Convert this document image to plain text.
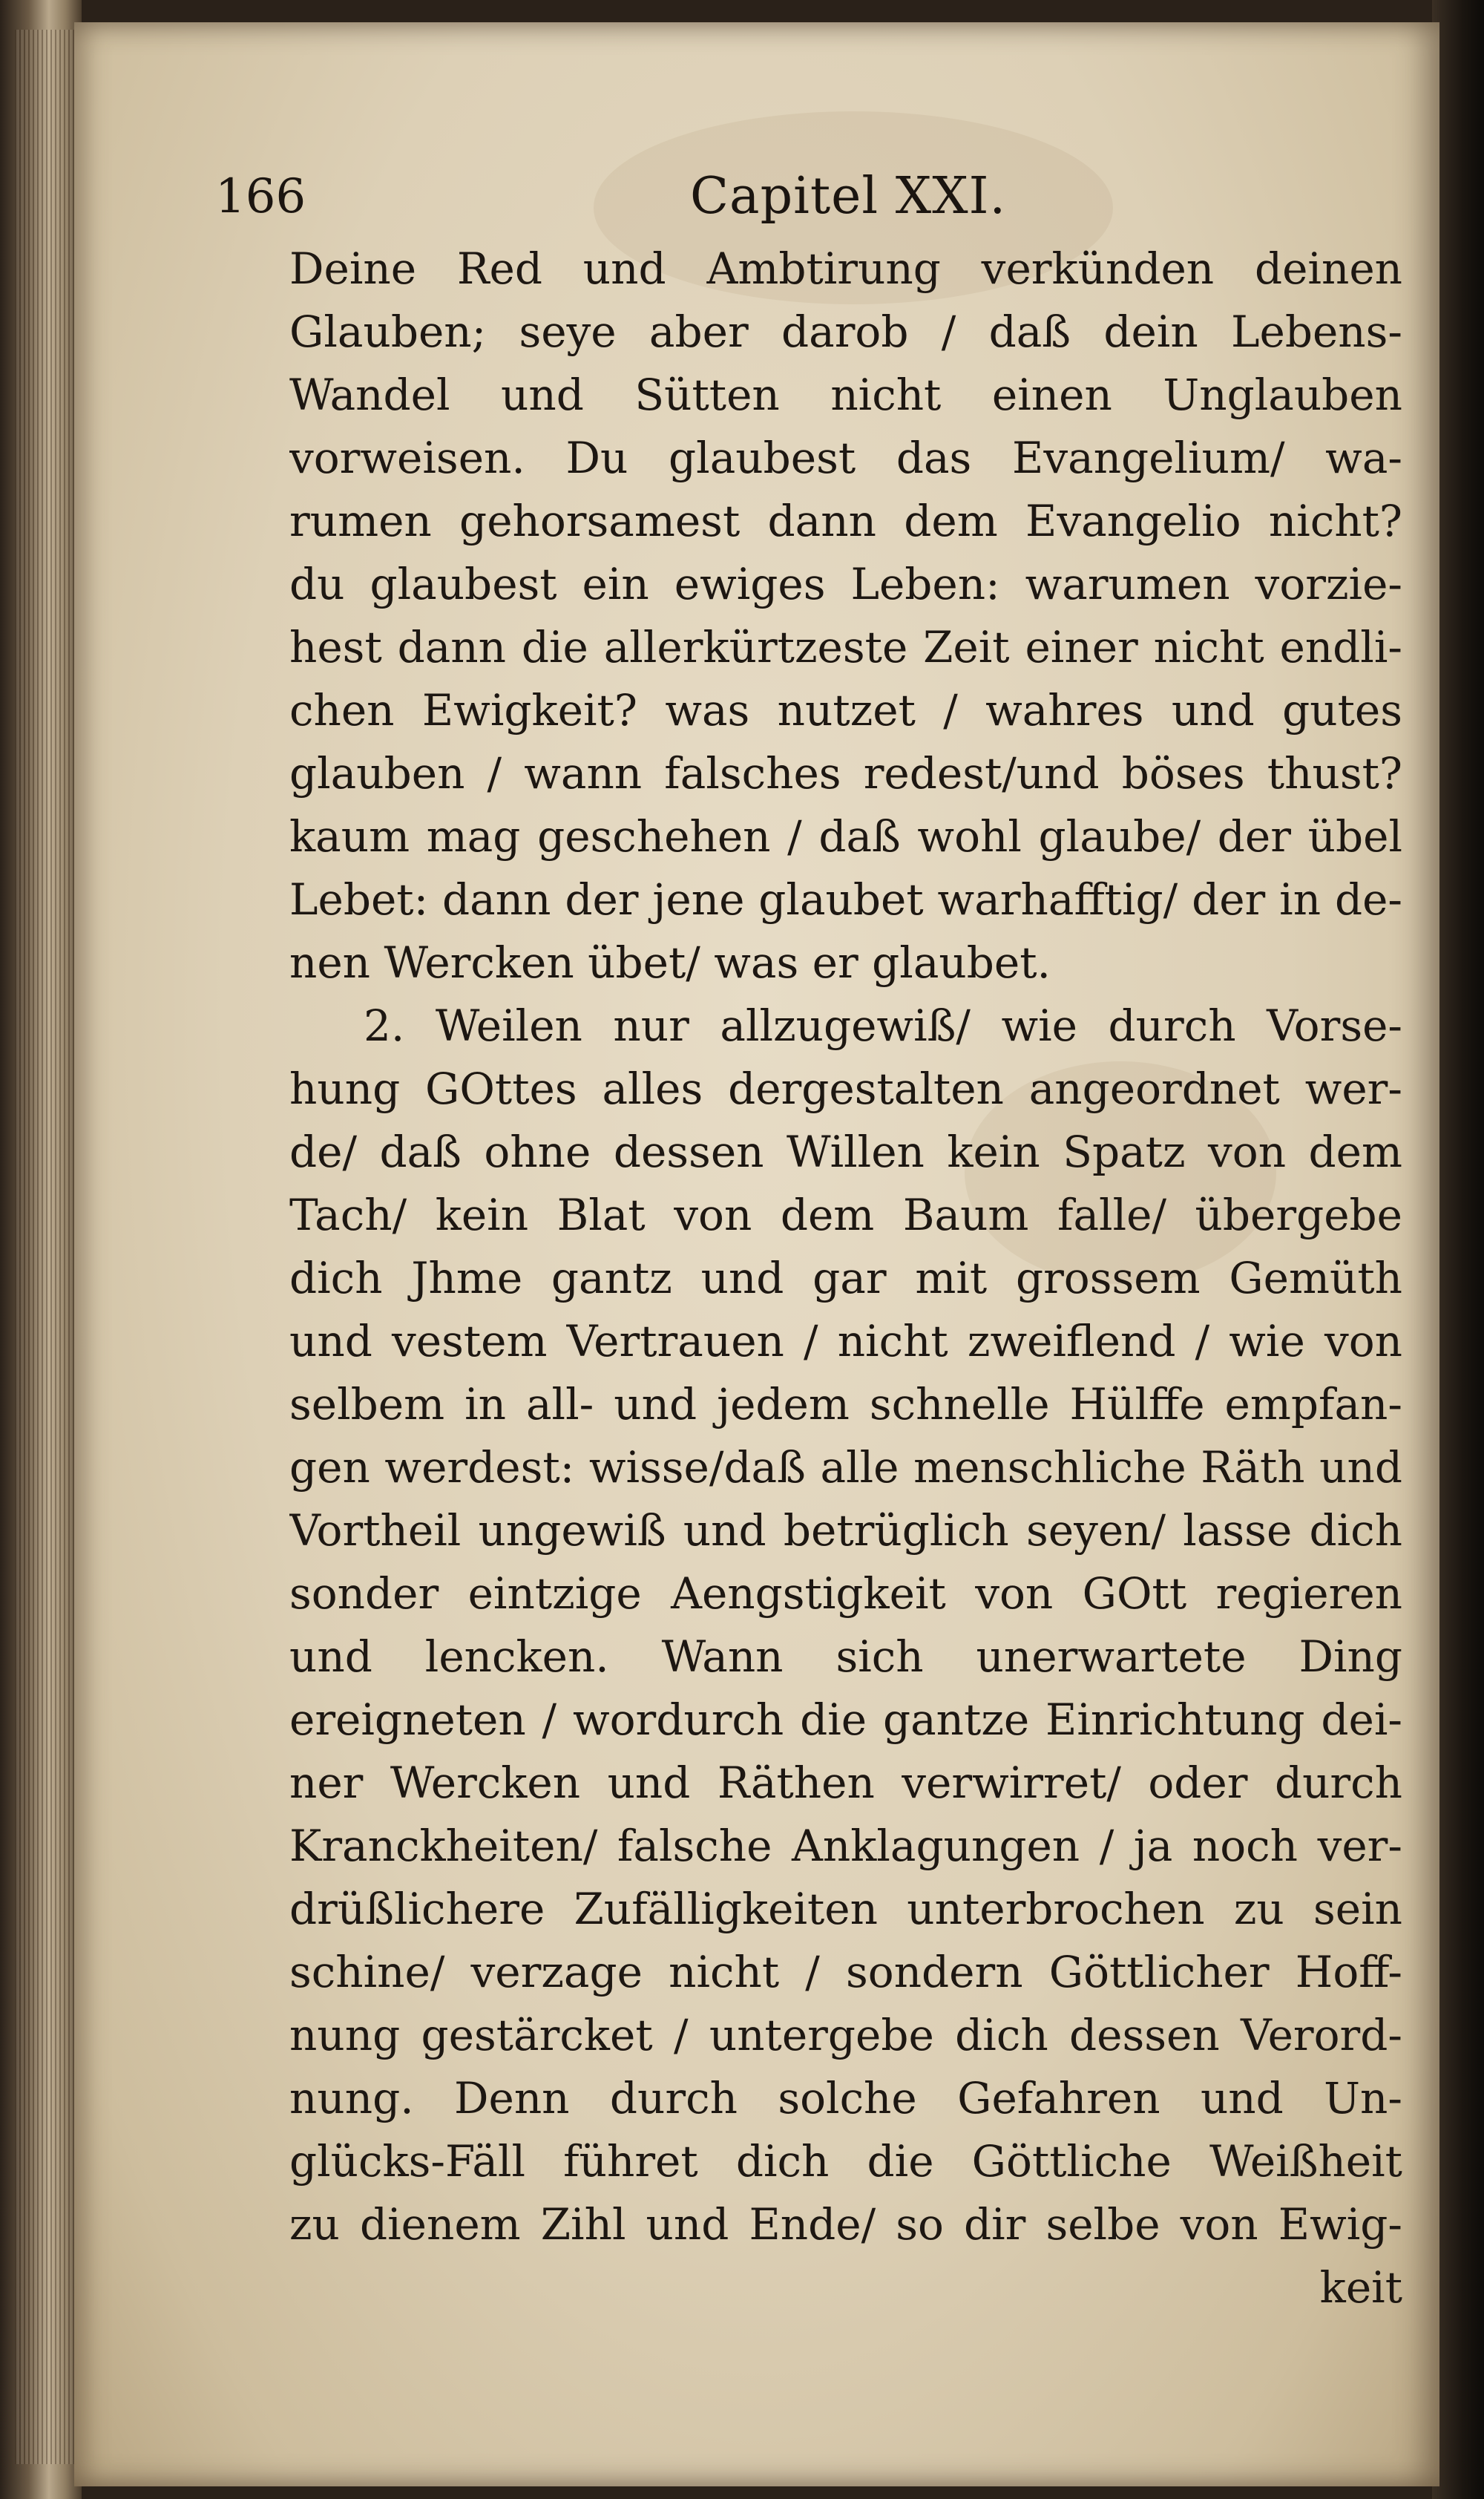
166	Capitel XXI.
Deine Red und Ambtirung verkünden deinen
Glauben; seye aber darob / daß dein Lebens-
Wandel und Sütten nicht einen Unglauben
vorweisen. Du glaubest das Evangelium/ wa-
rumen gehorsamest dann dem Evangelio nicht?
du glaubest ein ewiges Leben: warumen vorzie-
hest dann die allerkürtzeste Zeit einer nicht endli-
chen Ewigkeit? was nutzet / wahres und gutes
glauben / wann falsches redest/und böses thust?
kaum mag geschehen / daß wohl glaube/ der übel
Lebet: dann der jene glaubet warhafftig/ der in de-
nen Wercken übet/ was er glaubet.
2. Weilen nur allzugewiß/ wie durch Vorse-
hung GOttes alles dergestalten angeordnet wer-
de/ daß ohne dessen Willen kein Spatz von dem
Tach/ kein Blat von dem Baum falle/ übergebe
dich Jhme gantz und gar mit grossem Gemüth
und vestem Vertrauen / nicht zweiflend / wie von
selbem in all- und jedem schnelle Hülffe empfan-
gen werdest: wisse/daß alle menschliche Räth und
Vortheil ungewiß und betrüglich seyen/ lasse dich
sonder eintzige Aengstigkeit von GOtt regieren
und lencken. Wann sich unerwartete Ding
ereigneten / wordurch die gantze Einrichtung dei-
ner Wercken und Räthen verwirret/ oder durch
Kranckheiten/ falsche Anklagungen / ja noch ver-
drüßlichere Zufälligkeiten unterbrochen zu sein
schine/ verzage nicht / sondern Göttlicher Hoff-
nung gestärcket / untergebe dich dessen Verord-
nung. Denn durch solche Gefahren und Un-
glücks-Fäll führet dich die Göttliche Weißheit
zu dienem Zihl und Ende/ so dir selbe von Ewig-
keit
